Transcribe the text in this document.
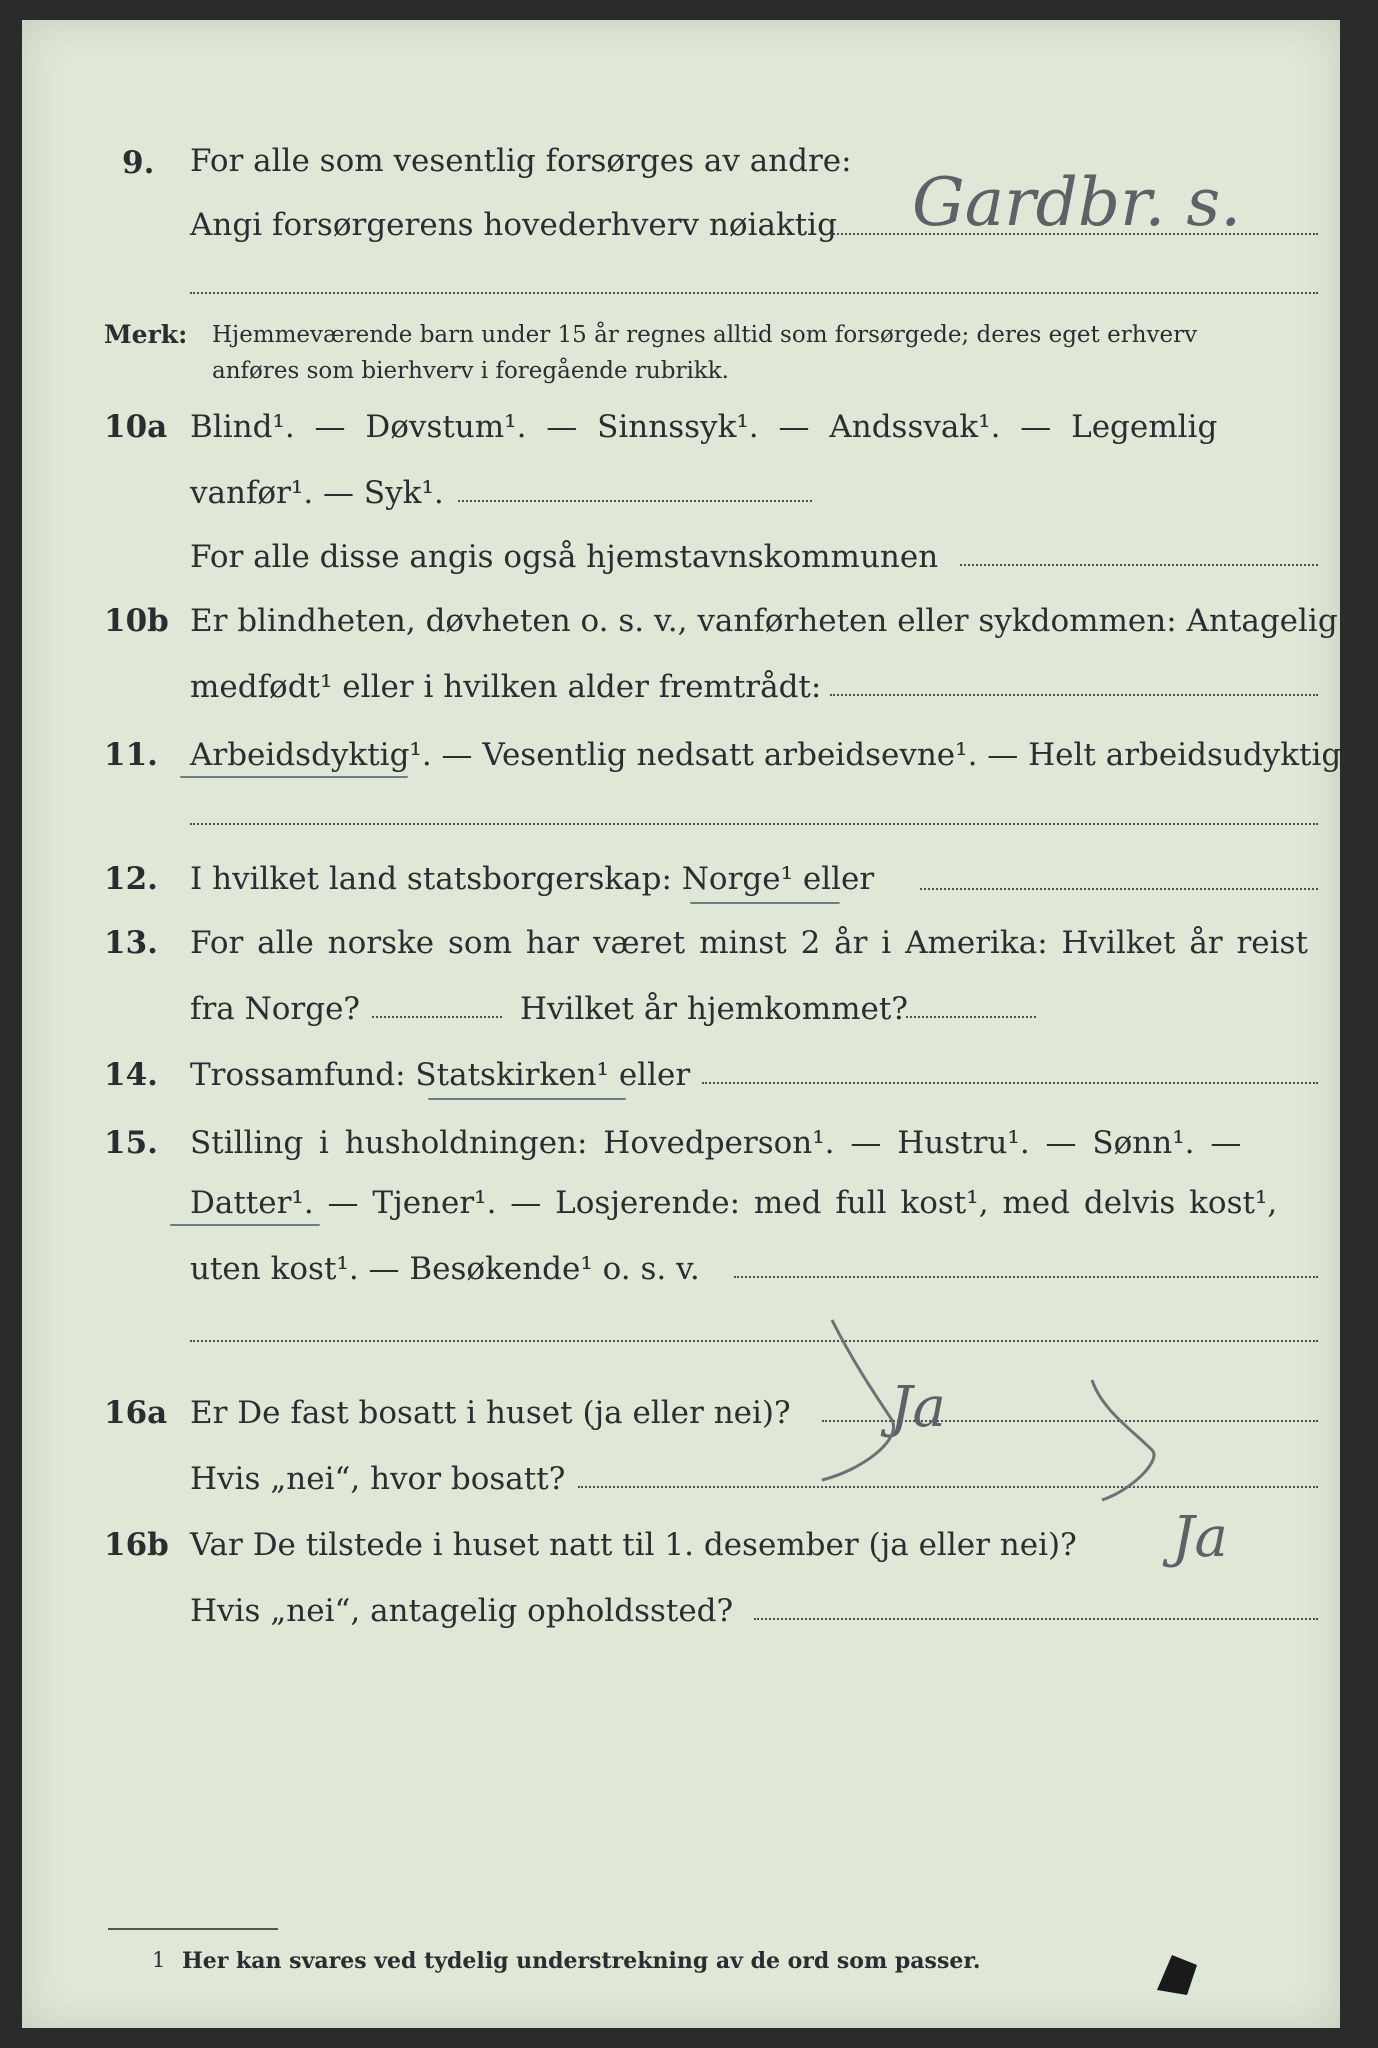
9. For alle som vesentlig forsørges av andre:
Angi forsørgerens hovederhverv nøiaktig Gardbr. s.
Merk: Hjemmeværende barn under 15 år regnes alltid som forsørgede; deres eget erhverv
anføres som bierhverv i foregående rubrikk.
10a Blind¹. — Døvstum¹. — Sinnssyk¹. — Andssvak¹. — Legemlig
vanfør¹. — Syk¹.
For alle disse angis også hjemstavnskommunen
10b Er blindheten, døvheten o. s. v., vanførheten eller sykdommen: Antagelig
medfødt¹ eller i hvilken alder fremtrådt:
11. Arbeidsdyktig¹. — Vesentlig nedsatt arbeidsevne¹. — Helt arbeidsudyktig¹.
12. I hvilket land statsborgerskap: Norge¹ eller
13. For alle norske som har været minst 2 år i Amerika: Hvilket år reist
fra Norge?	Hvilket år hjemkommet?
14. Trossamfund: Statskirken¹ eller
15. Stilling i husholdningen: Hovedperson¹. — Hustru¹. — Sønn¹. —
Datter¹. — Tjener¹. — Losjerende: med full kost¹, med delvis kost¹,
uten kost¹. — Besøkende¹ o. s. v.
16a Er De fast bosatt i huset (ja eller nei)? Ja
Hvis „nei“, hvor bosatt?
16b Var De tilstede i huset natt til 1. desember (ja eller nei)? Ja
Hvis „nei“, antagelig opholdssted?
1 Her kan svares ved tydelig understrekning av de ord som passer.
